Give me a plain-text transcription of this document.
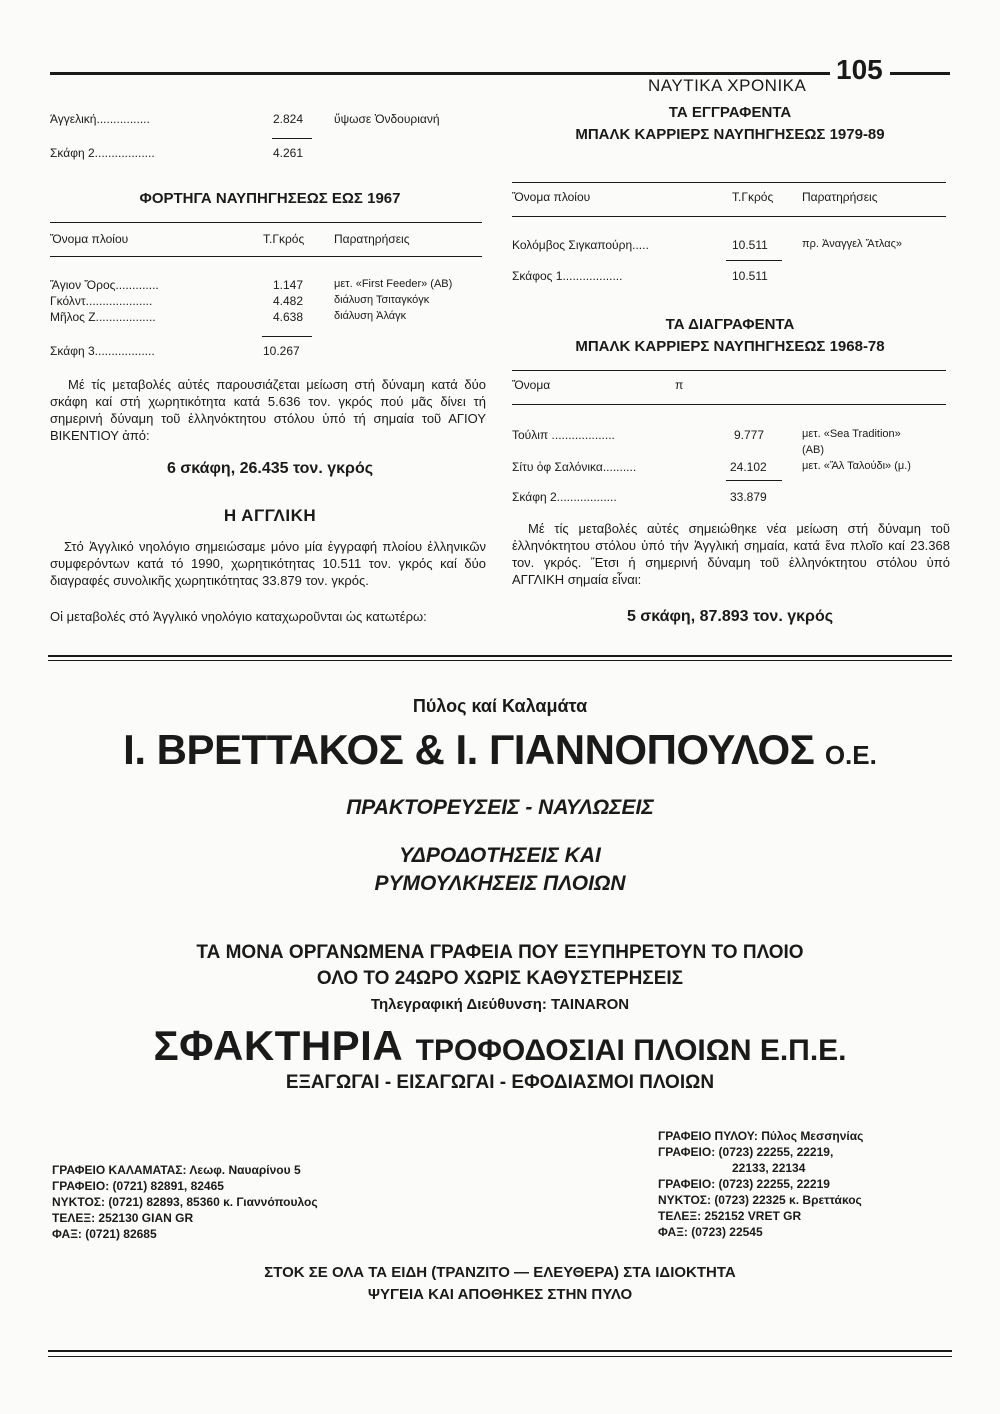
ΝΑΥΤΙΚΑ ΧΡΟΝΙΚΑ
105
Άγγελική................	2.824	ὕψωσε Ὀνδουριανή
Σκάφη 2..................	4.261
ΦΟΡΤΗΓΑ ΝΑΥΠΗΓΗΣΕΩΣ ΕΩΣ 1967
Ὄνομα πλοίου	Τ.Γκρός Παρατηρήσεις
Ἅγιον Ὄρος.............	1.147	μετ. «First Feeder» (ΑΒ)
Γκόλντ....................	4.482	διάλυση Τσιταγκόγκ
Μῆλος Ζ..................	4.638	διάλυση Ἀλάγκ
Σκάφη 3..................	10.267
Μέ τίς μεταβολές αὐτές παρουσιάζεται μείωση στή δύναμη κατά δύο σκάφη καί στή χωρητικότητα κατά 5.636 τον. γκρός πού μᾶς δίνει τή σημερινή δύναμη τοῦ ἑλληνόκτητου στόλου ὑπό τή σημαία τοῦ ΑΓΙΟΥ ΒΙΚΕΝΤΙΟΥ ἀπό:
6 σκάφη, 26.435 τον. γκρός
Η ΑΓΓΛΙΚΗ
Στό Ἀγγλικό νηολόγιο σημειώσαμε μόνο μία ἐγγραφή πλοίου ἑλληνικῶν συμφερόντων κατά τό 1990, χωρητικότητας 10.511 τον. γκρός καί δύο διαγραφές συνολικῆς χωρητικότητας 33.879 τον. γκρός.
Οἱ μεταβολές στό Ἀγγλικό νηολόγιο καταχωροῦνται ὡς κατωτέρω:
ΤΑ ΕΓΓΡΑΦΕΝΤΑ
ΜΠΑΛΚ ΚΑΡΡΙΕΡΣ ΝΑΥΠΗΓΗΣΕΩΣ 1979-89
Ὄνομα πλοίου	Τ.Γκρός Παρατηρήσεις
Κολόμβος Σιγκαπούρη.....	10.511	πρ. Ἀναγγελ Ἄτλας»
Σκάφος 1..................	10.511
ΤΑ ΔΙΑΓΡΑΦΕΝΤΑ
ΜΠΑΛΚ ΚΑΡΡΙΕΡΣ ΝΑΥΠΗΓΗΣΕΩΣ 1968-78
Ὄνομα	π
Τούλιπ ...................	9.777	μετ. «Sea Tradition»
(ΑΒ)
Σίτυ ὀφ Σαλόνικα..........	24.102	μετ. «Ἄλ Ταλούδι» (μ.)
Σκάφη 2..................	33.879
Μέ τίς μεταβολές αὐτές σημειώθηκε νέα μείωση στή δύναμη τοῦ ἑλληνόκτητου στόλου ὑπό τήν Ἀγγλική σημαία, κατά ἕνα πλοῖο καί 23.368 τον. γκρός. Ἔτσι ἡ σημερινή δύναμη τοῦ ἑλληνόκτητου στόλου ὑπό ΑΓΓΛΙΚΗ σημαία εἶναι:
5 σκάφη, 87.893 τον. γκρός
Πύλος καί Καλαμάτα
Ι. ΒΡΕΤΤΑΚΟΣ & Ι. ΓΙΑΝΝΟΠΟΥΛΟΣ Ο.Ε.
ΠΡΑΚΤΟΡΕΥΣΕΙΣ - ΝΑΥΛΩΣΕΙΣ
ΥΔΡΟΔΟΤΗΣΕΙΣ ΚΑΙ
ΡΥΜΟΥΛΚΗΣΕΙΣ ΠΛΟΙΩΝ
ΤΑ ΜΟΝΑ ΟΡΓΑΝΩΜΕΝΑ ΓΡΑΦΕΙΑ ΠΟΥ ΕΞΥΠΗΡΕΤΟΥΝ ΤΟ ΠΛΟΙΟ
ΟΛΟ ΤΟ 24ΩΡΟ ΧΩΡΙΣ ΚΑΘΥΣΤΕΡΗΣΕΙΣ
Τηλεγραφική Διεύθυνση: TAINARON
ΣΦΑΚΤΗΡΙΑ ΤΡΟΦΟΔΟΣΙΑΙ ΠΛΟΙΩΝ Ε.Π.Ε.
ΕΞΑΓΩΓΑΙ - ΕΙΣΑΓΩΓΑΙ - ΕΦΟΔΙΑΣΜΟΙ ΠΛΟΙΩΝ
ΓΡΑΦΕΙΟ ΚΑΛΑΜΑΤΑΣ: Λεωφ. Ναυαρίνου 5
ΓΡΑΦΕΙΟ: (0721) 82891, 82465
ΝΥΚΤΟΣ: (0721) 82893, 85360 κ. Γιαννόπουλος
ΤΕΛΕΞ: 252130 GIAN GR
ΦΑΞ: (0721) 82685
ΓΡΑΦΕΙΟ ΠΥΛΟΥ: Πύλος Μεσσηνίας
ΓΡΑΦΕΙΟ: (0723) 22255, 22219,
22133, 22134
ΓΡΑΦΕΙΟ: (0723) 22255, 22219
ΝΥΚΤΟΣ: (0723) 22325 κ. Βρεττάκος
ΤΕΛΕΞ: 252152 VRET GR
ΦΑΞ: (0723) 22545
ΣΤΟΚ ΣΕ ΟΛΑ ΤΑ ΕΙΔΗ (ΤΡΑΝΖΙΤΟ — ΕΛΕΥΘΕΡΑ) ΣΤΑ ΙΔΙΟΚΤΗΤΑ
ΨΥΓΕΙΑ ΚΑΙ ΑΠΟΘΗΚΕΣ ΣΤΗΝ ΠΥΛΟ
